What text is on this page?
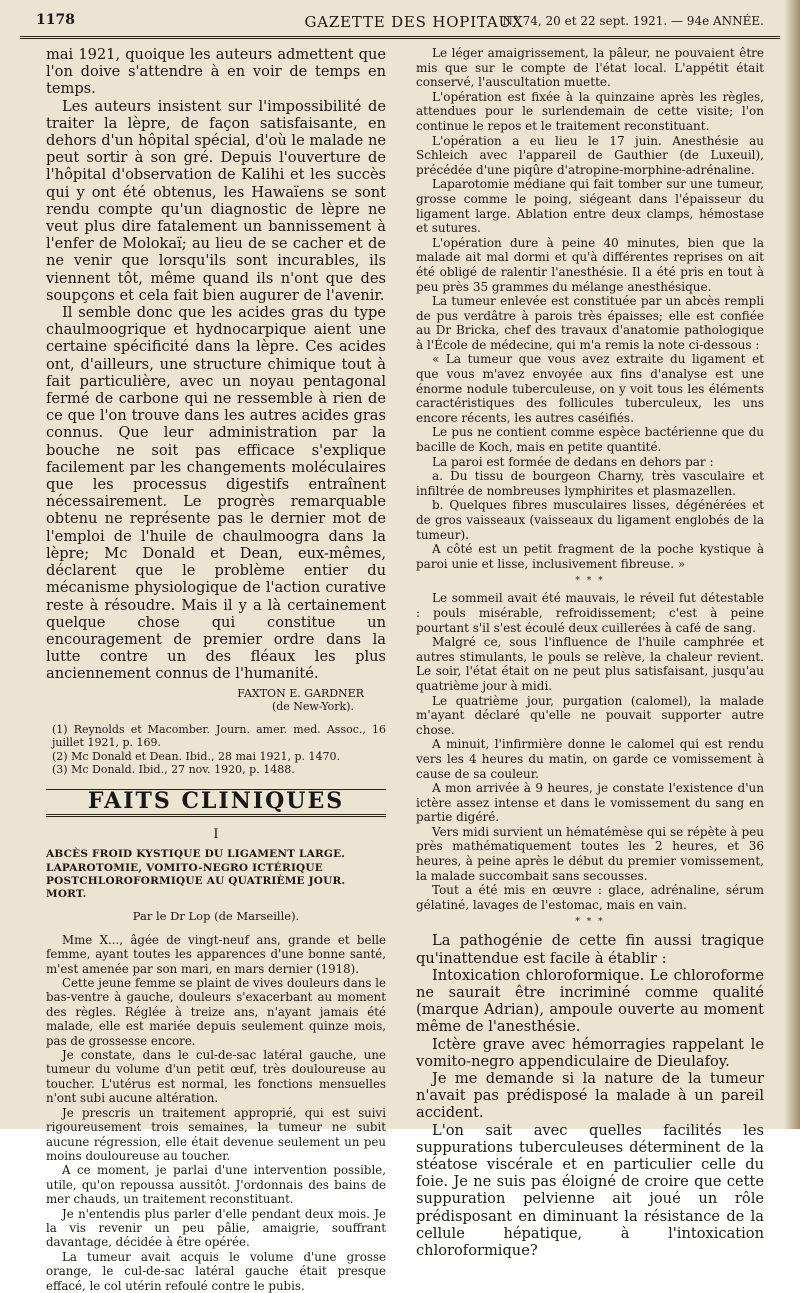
1178	GAZETTE DES HOPITAUX
N° 74, 20 et 22 sept. 1921. — 94e ANNÉE.

mai 1921, quoique les auteurs admettent que l'on doive s'attendre à en voir de temps en temps.

Les auteurs insistent sur l'impossibilité de traiter la lèpre, de façon satisfaisante, en dehors d'un hôpital spécial, d'où le malade ne peut sortir à son gré. Depuis l'ouverture de l'hôpital d'observation de Kalihi et les succès qui y ont été obtenus, les Hawaïens se sont rendu compte qu'un diagnostic de lèpre ne veut plus dire fatalement un bannissement à l'enfer de Molokaï; au lieu de se cacher et de ne venir que lorsqu'ils sont incurables, ils viennent tôt, même quand ils n'ont que des soupçons et cela fait bien augurer de l'avenir.

Il semble donc que les acides gras du type chaulmoogrique et hydnocarpique aient une certaine spécificité dans la lèpre. Ces acides ont, d'ailleurs, une structure chimique tout à fait particulière, avec un noyau pentagonal fermé de carbone qui ne ressemble à rien de ce que l'on trouve dans les autres acides gras connus. Que leur administration par la bouche ne soit pas efficace s'explique facilement par les changements moléculaires que les processus digestifs entraînent nécessairement. Le progrès remarquable obtenu ne représente pas le dernier mot de l'emploi de l'huile de chaulmoogra dans la lèpre; Mc Donald et Dean, eux-mêmes, déclarent que le problème entier du mécanisme physiologique de l'action curative reste à résoudre. Mais il y a là certainement quelque chose qui constitue un encouragement de premier ordre dans la lutte contre un des fléaux les plus anciennement connus de l'humanité.

FAXTON E. GARDNER
(de New-York).
(1) Reynolds et Macomber. Journ. amer. med. Assoc., 16 juillet 1921, p. 169.
(2) Mc Donald et Dean. Ibid., 28 mai 1921, p. 1470.
(3) Mc Donald. Ibid., 27 nov. 1920, p. 1488.
FAITS CLINIQUES
I
ABCÈS FROID KYSTIQUE DU LIGAMENT LARGE. LAPAROTOMIE, VOMITO-NEGRO ICTÉRIQUE POSTCHLOROFORMIQUE AU QUATRIÈME JOUR. MORT.
Par le Dr Lop (de Marseille).

Mme X..., âgée de vingt-neuf ans, grande et belle femme, ayant toutes les apparences d'une bonne santé, m'est amenée par son mari, en mars dernier (1918).

Cette jeune femme se plaint de vives douleurs dans le bas-ventre à gauche, douleurs s'exacerbant au moment des règles. Réglée à treize ans, n'ayant jamais été malade, elle est mariée depuis seulement quinze mois, pas de grossesse encore.

Je constate, dans le cul-de-sac latéral gauche, une tumeur du volume d'un petit œuf, très douloureuse au toucher. L'utérus est normal, les fonctions mensuelles n'ont subi aucune altération.

Je prescris un traitement approprié, qui est suivi rigoureusement trois semaines, la tumeur ne subit aucune régression, elle était devenue seulement un peu moins douloureuse au toucher.

A ce moment, je parlai d'une intervention possible, utile, qu'on repoussa aussitôt. J'ordonnais des bains de mer chauds, un traitement reconstituant.

Je n'entendis plus parler d'elle pendant deux mois. Je la vis revenir un peu pâlie, amaigrie, souffrant davantage, décidée à être opérée.

La tumeur avait acquis le volume d'une grosse orange, le cul-de-sac latéral gauche était presque effacé, le col utérin refoulé contre le pubis.

Le léger amaigrissement, la pâleur, ne pouvaient être mis que sur le compte de l'état local. L'appétit était conservé, l'auscultation muette.

L'opération est fixée à la quinzaine après les règles, attendues pour le surlendemain de cette visite; l'on continue le repos et le traitement reconstituant.

L'opération a eu lieu le 17 juin. Anesthésie au Schleich avec l'appareil de Gauthier (de Luxeuil), précédée d'une piqûre d'atropine-morphine-adrénaline.

Laparotomie médiane qui fait tomber sur une tumeur, grosse comme le poing, siégeant dans l'épaisseur du ligament large. Ablation entre deux clamps, hémostase et sutures.

L'opération dure à peine 40 minutes, bien que la malade ait mal dormi et qu'à différentes reprises on ait été obligé de ralentir l'anesthésie. Il a été pris en tout à peu près 35 grammes du mélange anesthésique.

La tumeur enlevée est constituée par un abcès rempli de pus verdâtre à parois très épaisses; elle est confiée au Dr Bricka, chef des travaux d'anatomie pathologique à l'École de médecine, qui m'a remis la note ci-dessous :

« La tumeur que vous avez extraite du ligament et que vous m'avez envoyée aux fins d'analyse est une énorme nodule tuberculeuse, on y voit tous les éléments caractéristiques des follicules tuberculeux, les uns encore récents, les autres caséifiés.

Le pus ne contient comme espèce bactérienne que du bacille de Koch, mais en petite quantité.

La paroi est formée de dedans en dehors par :

a. Du tissu de bourgeon Charny, très vasculaire et infiltrée de nombreuses lymphirites et plasmazellen.

b. Quelques fibres musculaires lisses, dégénérées et de gros vaisseaux (vaisseaux du ligament englobés de la tumeur).

A côté est un petit fragment de la poche kystique à paroi unie et lisse, inclusivement fibreuse. »

* * *

Le sommeil avait été mauvais, le réveil fut détestable : pouls misérable, refroidissement; c'est à peine pourtant s'il s'est écoulé deux cuillerées à café de sang.

Malgré ce, sous l'influence de l'huile camphrée et autres stimulants, le pouls se relève, la chaleur revient. Le soir, l'état était on ne peut plus satisfaisant, jusqu'au quatrième jour à midi.

Le quatrième jour, purgation (calomel), la malade m'ayant déclaré qu'elle ne pouvait supporter autre chose.

A minuit, l'infirmière donne le calomel qui est rendu vers les 4 heures du matin, on garde ce vomissement à cause de sa couleur.

A mon arrivée à 9 heures, je constate l'existence d'un ictère assez intense et dans le vomissement du sang en partie digéré.

Vers midi survient un hématémèse qui se répète à peu près mathématiquement toutes les 2 heures, et 36 heures, à peine après le début du premier vomissement, la malade succombait sans secousses.

Tout a été mis en œuvre : glace, adrénaline, sérum gélatiné, lavages de l'estomac, mais en vain.

* * *

La pathogénie de cette fin aussi tragique qu'inattendue est facile à établir :

Intoxication chloroformique. Le chloroforme ne saurait être incriminé comme qualité (marque Adrian), ampoule ouverte au moment même de l'anesthésie.

Ictère grave avec hémorragies rappelant le vomito-negro appendiculaire de Dieulafoy.

Je me demande si la nature de la tumeur n'avait pas prédisposé la malade à un pareil accident.

L'on sait avec quelles facilités les suppurations tuberculeuses déterminent de la stéatose viscérale et en particulier celle du foie. Je ne suis pas éloigné de croire que cette suppuration pelvienne ait joué un rôle prédisposant en diminuant la résistance de la cellule hépatique, à l'intoxication chloroformique?
